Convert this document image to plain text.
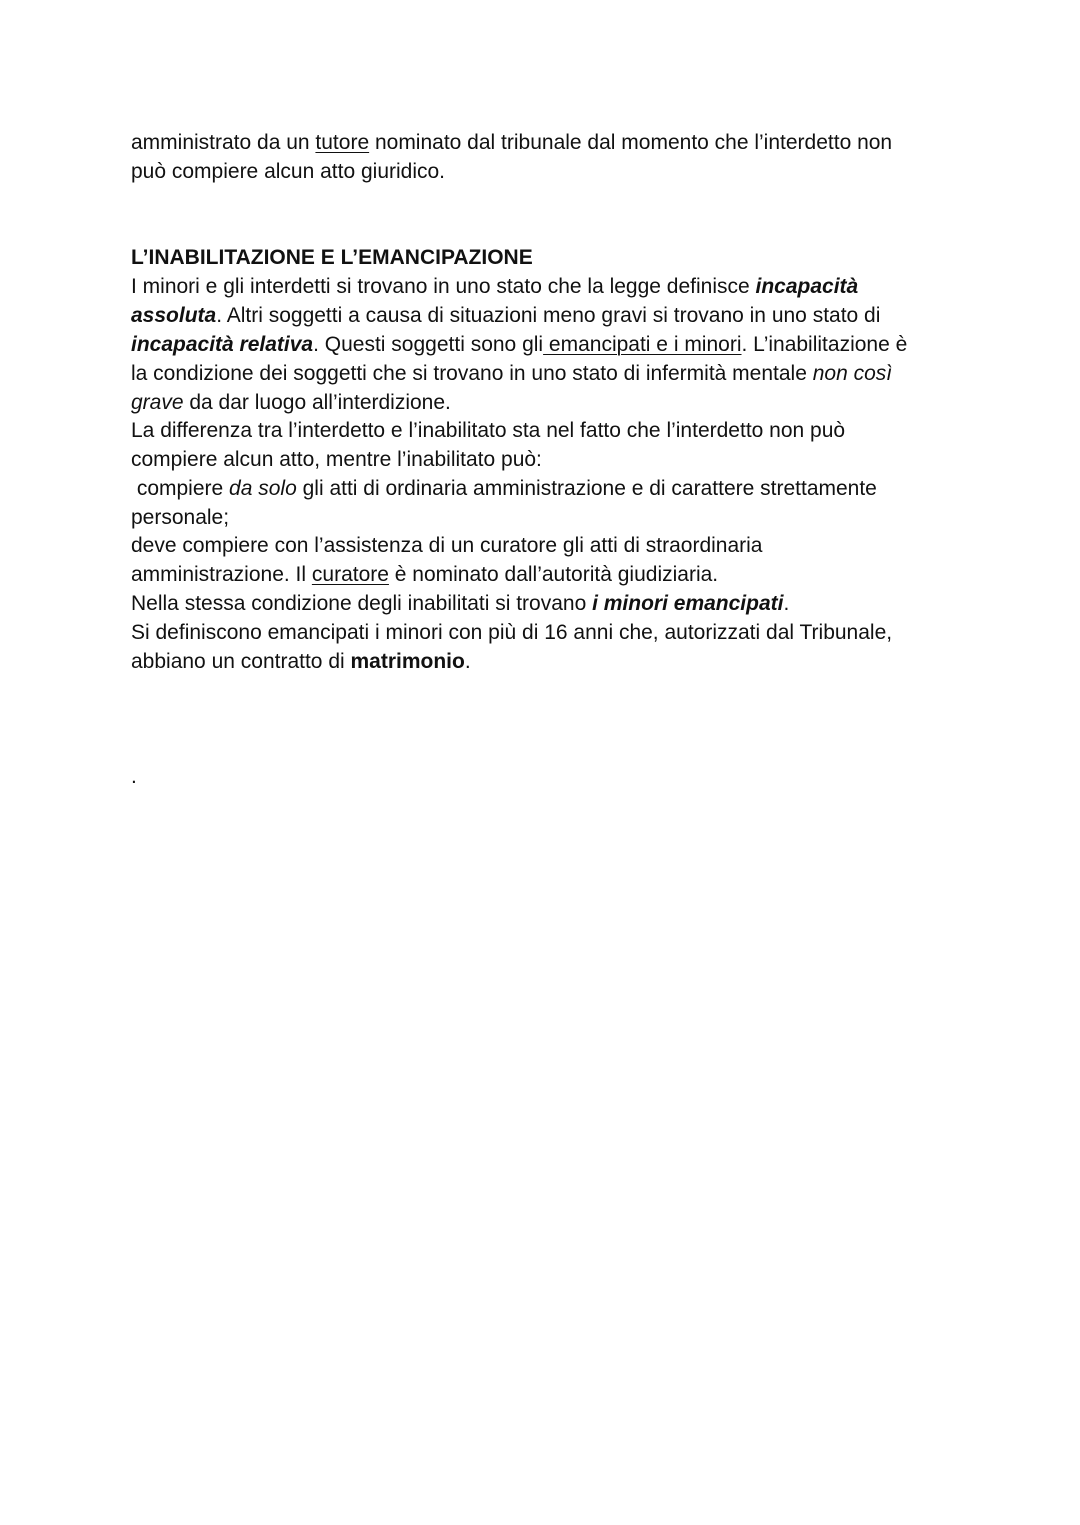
amministrato da un tutore nominato dal tribunale dal momento che l’interdetto non

può compiere alcun atto giuridico.

L’INABILITAZIONE E L’EMANCIPAZIONE

I minori e gli interdetti si trovano in uno stato che la legge definisce incapacità

assoluta. Altri soggetti a causa di situazioni meno gravi si trovano in uno stato di

incapacità relativa. Questi soggetti sono gli emancipati e i minori. L’inabilitazione è

la condizione dei soggetti che si trovano in uno stato di infermità mentale non così

grave da dar luogo all’interdizione.

La differenza tra l’interdetto e l’inabilitato sta nel fatto che l’interdetto non può

compiere alcun atto, mentre l’inabilitato può:

compiere da solo gli atti di ordinaria amministrazione e di carattere strettamente

personale;

deve compiere con l’assistenza di un curatore gli atti di straordinaria

amministrazione. Il curatore è nominato dall’autorità giudiziaria.

Nella stessa condizione degli inabilitati si trovano i minori emancipati.

Si definiscono emancipati i minori con più di 16 anni che, autorizzati dal Tribunale,

abbiano un contratto di matrimonio.

.
